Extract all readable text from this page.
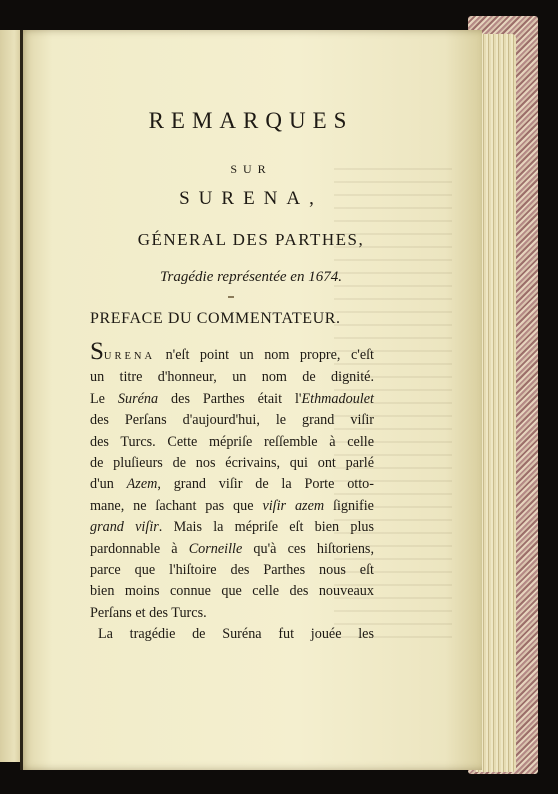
REMARQUES
SUR
SURENA,
GÉNERAL DES PARTHES,
Tragédie représentée en 1674.
PREFACE DU COMMENTATEUR.
SURENA n'eſt point un nom propre, c'eſt
un titre d'honneur, un nom de dignité.
Le Suréna des Parthes était l'Ethmadoulet
des Perſans d'aujourd'hui, le grand viſir
des Turcs. Cette mépriſe reſſemble à celle
de pluſieurs de nos écrivains, qui ont parlé
d'un Azem, grand viſir de la Porte otto-
mane, ne ſachant pas que viſir azem ſignifie
grand viſir. Mais la mépriſe eſt bien plus
pardonnable à Corneille qu'à ces hiſtoriens,
parce que l'hiſtoire des Parthes nous eſt
bien moins connue que celle des nouveaux
Perſans et des Turcs.
La tragédie de Suréna fut jouée les
